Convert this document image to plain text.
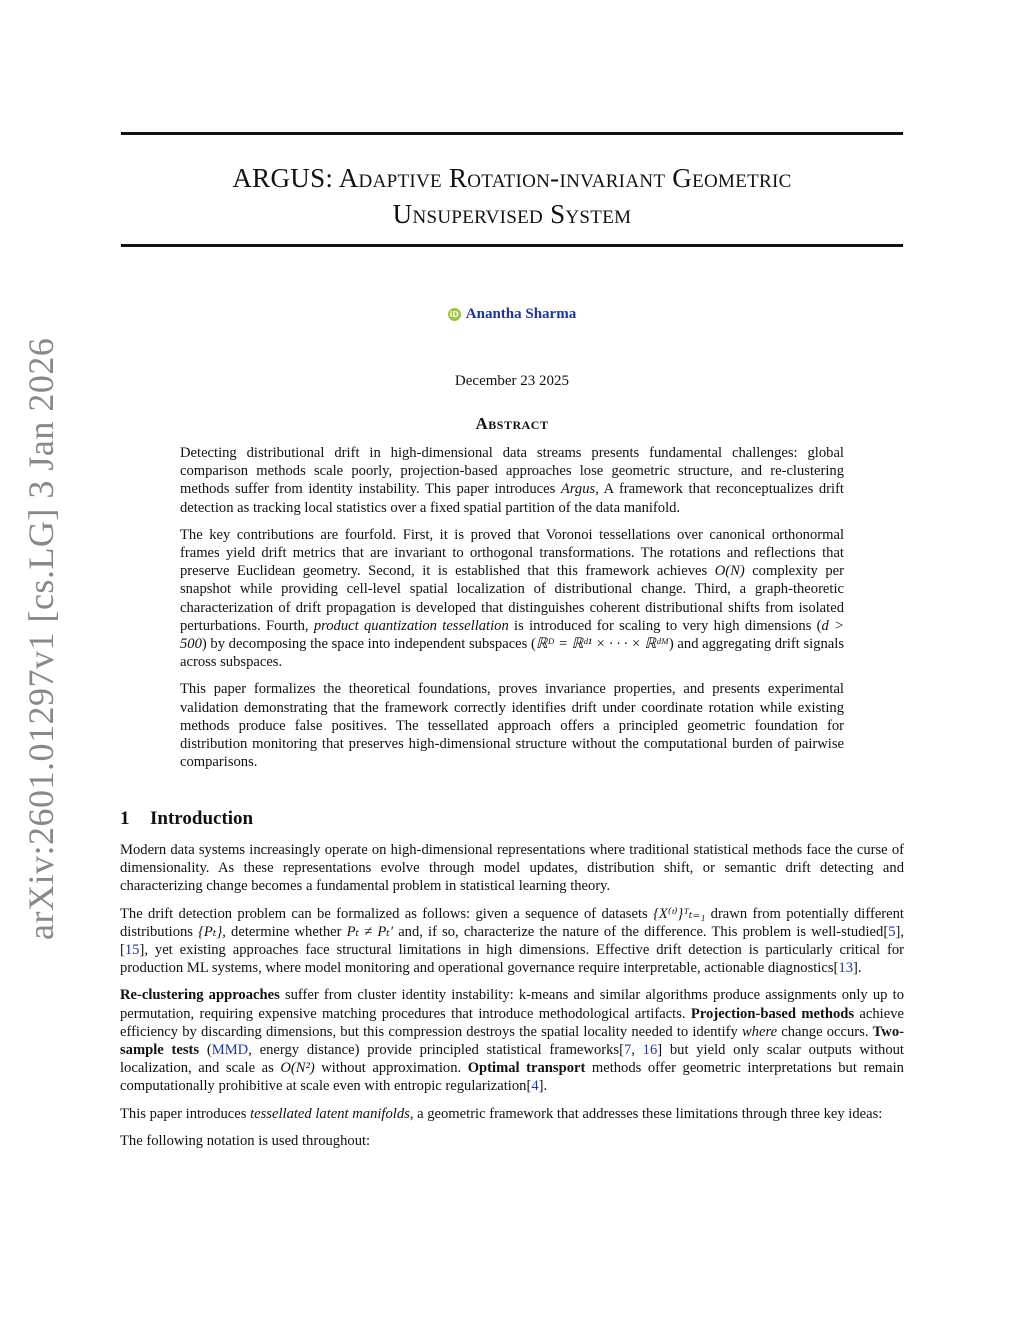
arXiv:2601.01297v1 [cs.LG] 3 Jan 2026
ARGUS: Adaptive Rotation-invariant Geometric
Unsupervised System
iD Anantha Sharma
December 23 2025
Abstract

Detecting distributional drift in high-dimensional data streams presents fundamental challenges: global comparison methods scale poorly, projection-based approaches lose geometric structure, and re-clustering methods suffer from identity instability. This paper introduces Argus, A framework that reconceptualizes drift detection as tracking local statistics over a fixed spatial partition of the data manifold.

The key contributions are fourfold. First, it is proved that Voronoi tessellations over canonical orthonormal frames yield drift metrics that are invariant to orthogonal transformations. The rotations and reflections that preserve Euclidean geometry. Second, it is established that this framework achieves O(N) complexity per snapshot while providing cell-level spatial localization of distributional change. Third, a graph-theoretic characterization of drift propagation is developed that distinguishes coherent distributional shifts from isolated perturbations. Fourth, product quantization tessellation is introduced for scaling to very high dimensions (d > 500) by decomposing the space into independent subspaces (ℝᴰ = ℝᵈ¹ × · · · × ℝᵈᴹ) and aggregating drift signals across subspaces.

This paper formalizes the theoretical foundations, proves invariance properties, and presents experimental validation demonstrating that the framework correctly identifies drift under coordinate rotation while existing methods produce false positives. The tessellated approach offers a principled geometric foundation for distribution monitoring that preserves high-dimensional structure without the computational burden of pairwise comparisons.

1 Introduction

Modern data systems increasingly operate on high-dimensional representations where traditional statistical methods face the curse of dimensionality. As these representations evolve through model updates, distribution shift, or semantic drift detecting and characterizing change becomes a fundamental problem in statistical learning theory.

The drift detection problem can be formalized as follows: given a sequence of datasets {X⁽ᵗ⁾}ᵀₜ₌₁ drawn from potentially different distributions {Pₜ}, determine whether Pₜ ≠ Pₜ′ and, if so, characterize the nature of the difference. This problem is well-studied[5], [15], yet existing approaches face structural limitations in high dimensions. Effective drift detection is particularly critical for production ML systems, where model monitoring and operational governance require interpretable, actionable diagnostics[13].

Re-clustering approaches suffer from cluster identity instability: k-means and similar algorithms produce assignments only up to permutation, requiring expensive matching procedures that introduce methodological artifacts. Projection-based methods achieve efficiency by discarding dimensions, but this compression destroys the spatial locality needed to identify where change occurs. Two-sample tests (MMD, energy distance) provide principled statistical frameworks[7, 16] but yield only scalar outputs without localization, and scale as O(N²) without approximation. Optimal transport methods offer geometric interpretations but remain computationally prohibitive at scale even with entropic regularization[4].

This paper introduces tessellated latent manifolds, a geometric framework that addresses these limitations through three key ideas:

The following notation is used throughout:
